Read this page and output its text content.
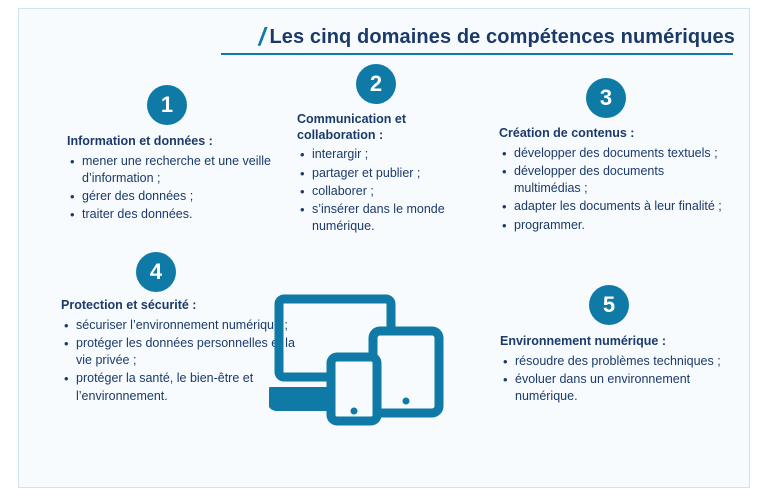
/ Les cinq domaines de compétences numériques
1
Information et données :
• mener une recherche et une veille d’information ;
• gérer des données ;
• traiter des données.
2
Communication et collaboration :
• interargir ;
• partager et publier ;
• collaborer ;
• s’insérer dans le monde numérique.
3
Création de contenus :
• développer des documents textuels ;
• développer des documents multimédias ;
• adapter les documents à leur finalité ;
• programmer.
4
Protection et sécurité :
• sécuriser l’environnement numérique ;
• protéger les données personnelles et la vie privée ;
• protéger la santé, le bien-être et l’environnement.
5
Environnement numérique :
• résoudre des problèmes techniques ;
• évoluer dans un environnement numérique.
